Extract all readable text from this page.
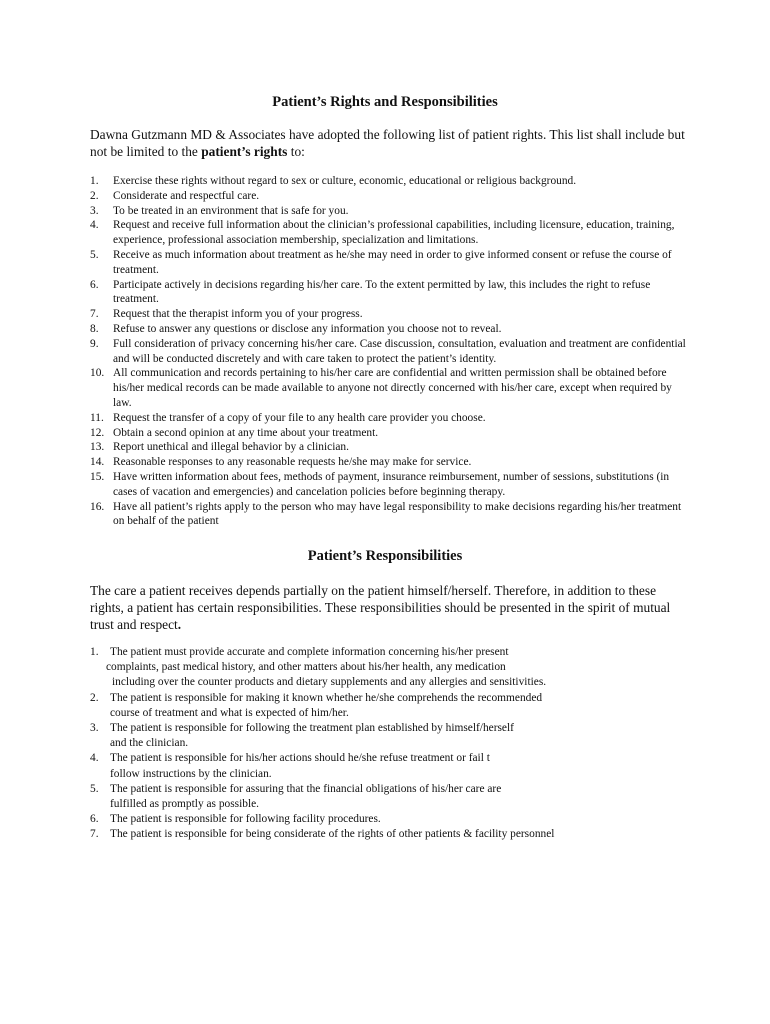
Patient’s Rights and Responsibilities
Dawna Gutzmann MD & Associates have adopted the following list of patient rights. This list shall include but not be limited to the patient’s rights to:
1. Exercise these rights without regard to sex or culture, economic, educational or religious background.
2. Considerate and respectful care.
3. To be treated in an environment that is safe for you.
4. Request and receive full information about the clinician’s professional capabilities, including licensure, education, training, experience, professional association membership, specialization and limitations.
5. Receive as much information about treatment as he/she may need in order to give informed consent or refuse the course of treatment.
6. Participate actively in decisions regarding his/her care. To the extent permitted by law, this includes the right to refuse treatment.
7. Request that the therapist inform you of your progress.
8. Refuse to answer any questions or disclose any information you choose not to reveal.
9. Full consideration of privacy concerning his/her care. Case discussion, consultation, evaluation and treatment are confidential and will be conducted discretely and with care taken to protect the patient’s identity.
10. All communication and records pertaining to his/her care are confidential and written permission shall be obtained before his/her medical records can be made available to anyone not directly concerned with his/her care, except when required by law.
11. Request the transfer of a copy of your file to any health care provider you choose.
12. Obtain a second opinion at any time about your treatment.
13. Report unethical and illegal behavior by a clinician.
14. Reasonable responses to any reasonable requests he/she may make for service.
15. Have written information about fees, methods of payment, insurance reimbursement, number of sessions, substitutions (in cases of vacation and emergencies) and cancelation policies before beginning therapy.
16. Have all patient’s rights apply to the person who may have legal responsibility to make decisions regarding his/her treatment on behalf of the patient
Patient’s Responsibilities
The care a patient receives depends partially on the patient himself/herself. Therefore, in addition to these rights, a patient has certain responsibilities. These responsibilities should be presented in the spirit of mutual trust and respect.
1. The patient must provide accurate and complete information concerning his/her present
complaints, past medical history, and other matters about his/her health, any medication
including over the counter products and dietary supplements and any allergies and sensitivities.
2. The patient is responsible for making it known whether he/she comprehends the recommended
course of treatment and what is expected of him/her.
3. The patient is responsible for following the treatment plan established by himself/herself
and the clinician.
4. The patient is responsible for his/her actions should he/she refuse treatment or fail t
follow instructions by the clinician.
5. The patient is responsible for assuring that the financial obligations of his/her care are
fulfilled as promptly as possible.
6. The patient is responsible for following facility procedures.
7. The patient is responsible for being considerate of the rights of other patients & facility personnel
